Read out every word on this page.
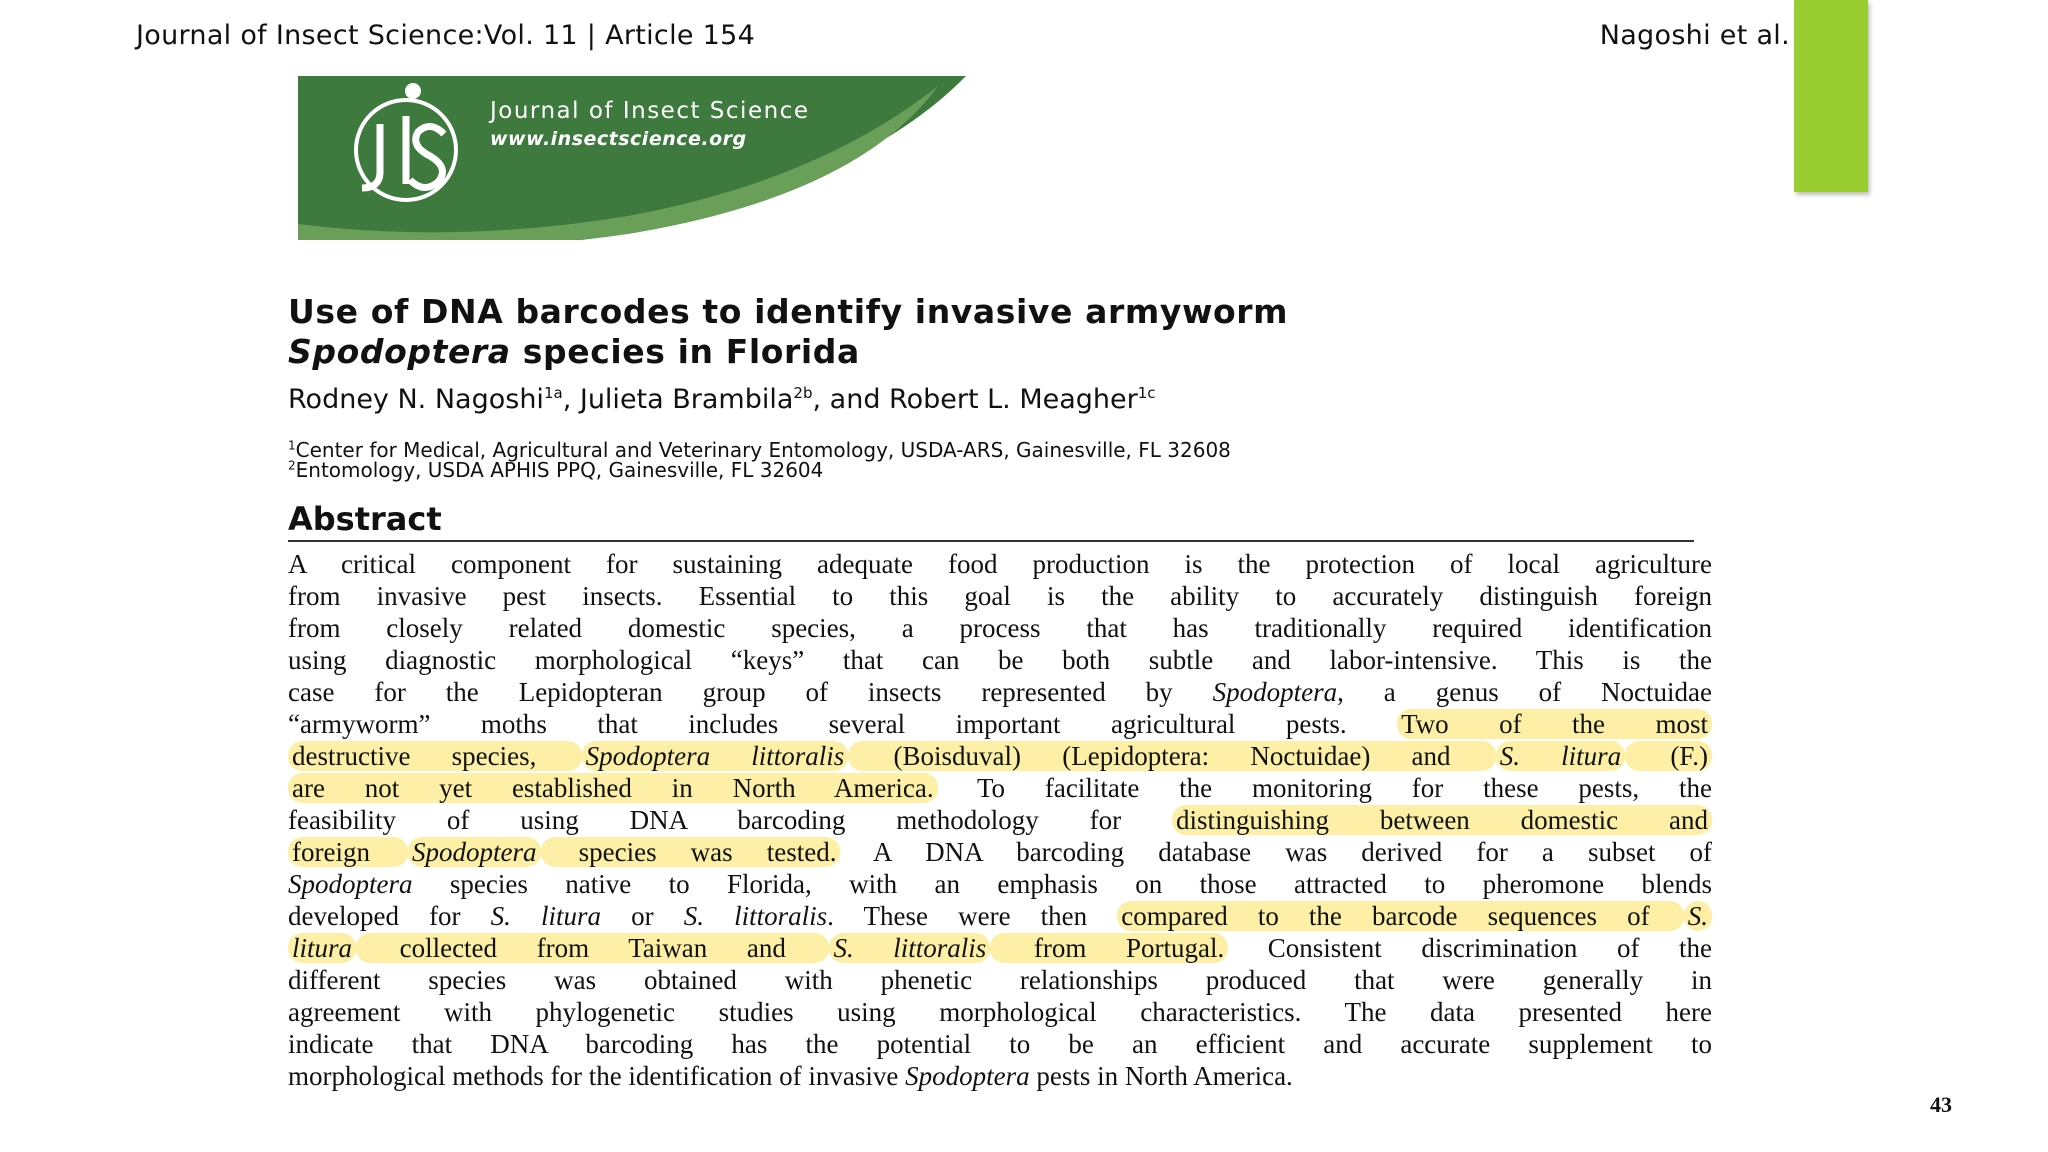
Journal of Insect Science:Vol. 11 | Article 154	Nagoshi et al.
Journal of Insect Science
www.insectscience.org
Use of DNA barcodes to identify invasive armyworm
Spodoptera species in Florida
Rodney N. Nagoshi$^{1a}$, Julieta Brambila$^{2b}$, and Robert L. Meagher$^{1c}$
$^1$Center for Medical, Agricultural and Veterinary Entomology, USDA-ARS, Gainesville, FL 32608
$^2$Entomology, USDA APHIS PPQ, Gainesville, FL 32604
Abstract
A critical component for sustaining adequate food production is the protection of local agriculture
from invasive pest insects. Essential to this goal is the ability to accurately distinguish foreign
from closely related domestic species, a process that has traditionally required identification
using diagnostic morphological “keys” that can be both subtle and labor-intensive. This is the
case for the Lepidopteran group of insects represented by Spodoptera, a genus of Noctuidae
“armyworm” moths that includes several important agricultural pests. Two of the most
destructive species, Spodoptera littoralis (Boisduval) (Lepidoptera: Noctuidae) and S. litura (F.)
are not yet established in North America. To facilitate the monitoring for these pests, the
feasibility of using DNA barcoding methodology for distinguishing between domestic and
foreign Spodoptera species was tested. A DNA barcoding database was derived for a subset of
Spodoptera species native to Florida, with an emphasis on those attracted to pheromone blends
developed for S. litura or S. littoralis. These were then compared to the barcode sequences of S.
litura collected from Taiwan and S. littoralis from Portugal. Consistent discrimination of the
different species was obtained with phenetic relationships produced that were generally in
agreement with phylogenetic studies using morphological characteristics. The data presented here
indicate that DNA barcoding has the potential to be an efficient and accurate supplement to
morphological methods for the identification of invasive Spodoptera pests in North America.
43
